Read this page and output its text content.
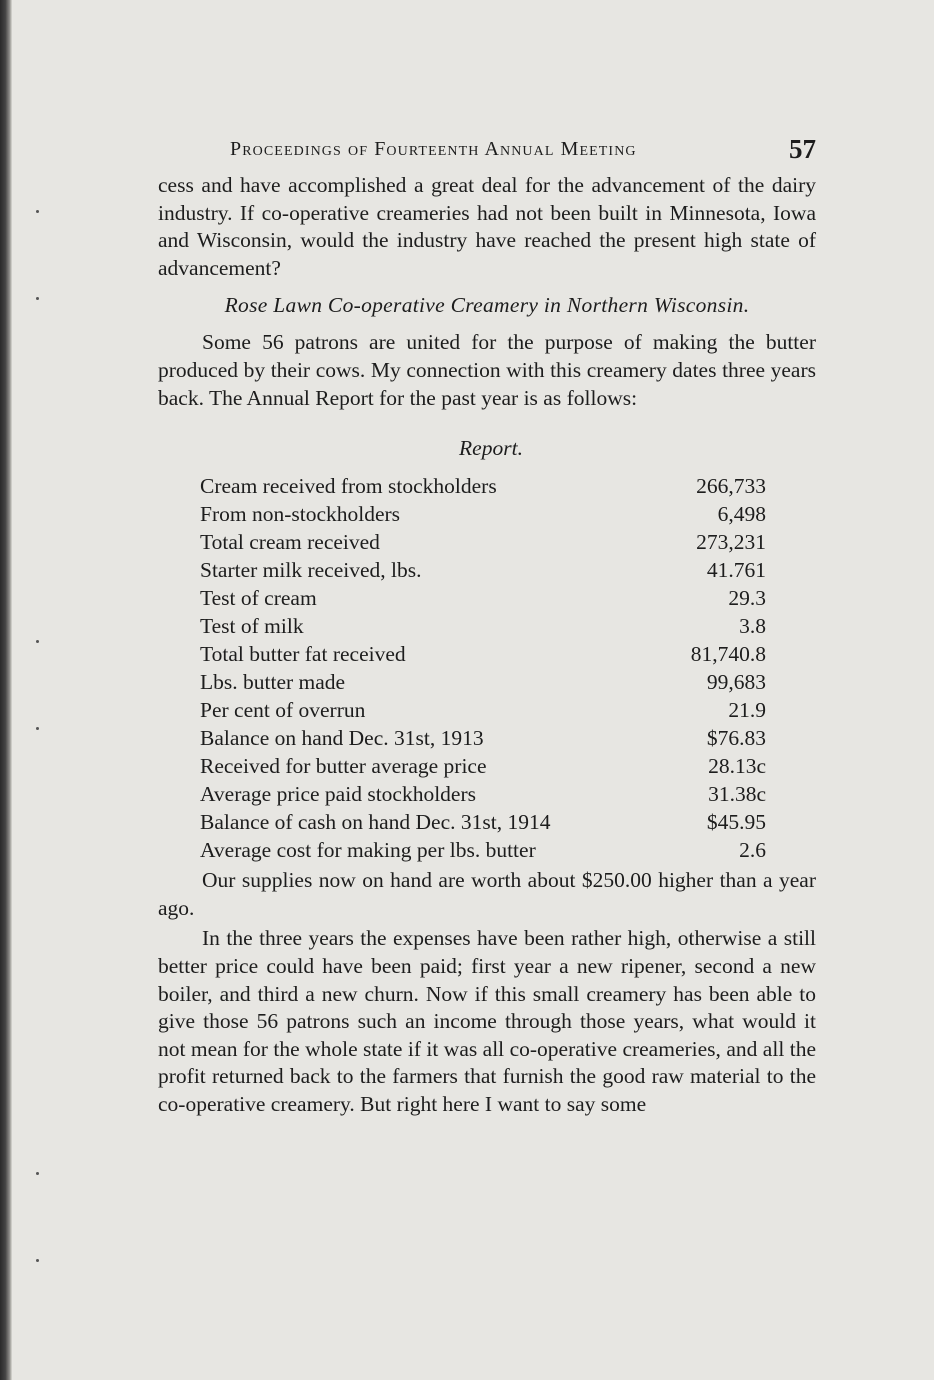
Proceedings of Fourteenth Annual Meeting	57

cess and have accomplished a great deal for the advancement of the dairy industry. If co-operative creameries had not been built in Minnesota, Iowa and Wisconsin, would the industry have reached the present high state of advancement?

Rose Lawn Co-operative Creamery in Northern Wisconsin.

Some 56 patrons are united for the purpose of making the butter produced by their cows. My connection with this creamery dates three years back. The Annual Report for the past year is as follows:

Report.
Cream received from stockholders	266,733
From non-stockholders	6,498
Total cream received	273,231
Starter milk received, lbs.	41.761
Test of cream	29.3
Test of milk	3.8
Total butter fat received	81,740.8
Lbs. butter made	99,683
Per cent of overrun	21.9
Balance on hand Dec. 31st, 1913	$76.83
Received for butter average price	28.13c
Average price paid stockholders	31.38c
Balance of cash on hand Dec. 31st, 1914	$45.95
Average cost for making per lbs. butter	2.6

Our supplies now on hand are worth about $250.00 higher than a year ago.

In the three years the expenses have been rather high, otherwise a still better price could have been paid; first year a new ripener, second a new boiler, and third a new churn. Now if this small creamery has been able to give those 56 patrons such an income through those years, what would it not mean for the whole state if it was all co-operative creameries, and all the profit returned back to the farmers that furnish the good raw material to the co-operative creamery. But right here I want to say some
